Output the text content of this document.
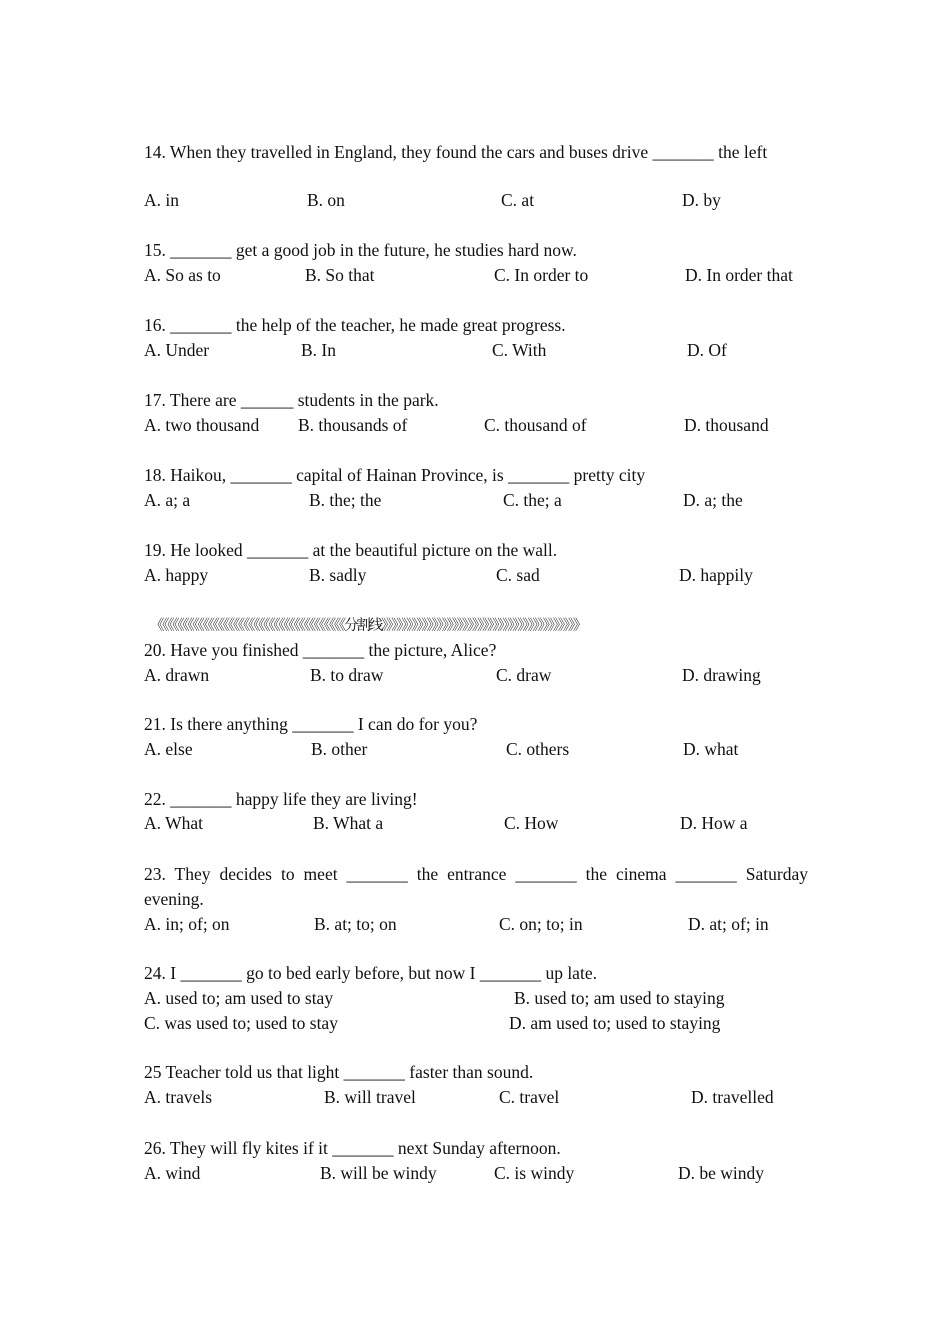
14. When they travelled in England, they found the cars and buses drive _______ the left
A. in	B. on	C. at	D. by
15. _______ get a good job in the future, he studies hard now.
A. So as to	B. So that	C. In order to	D. In order that
16. _______ the help of the teacher, he made great progress.
A. Under	B. In	C. With	D. Of
17. There are ______ students in the park.
A. two thousand B. thousands of	C. thousand of	D. thousand
18. Haikou, _______ capital of Hainan Province, is _______ pretty city
A. a; a	B. the; the	C. the; a	D. a; the
19. He looked _______ at the beautiful picture on the wall.
A. happy	B. sadly	C. sad	D. happily
《《《《《《《《《《《《《《《《《《《《《《《《《《《《《《《《《《《《《分割线》》》》》》》》》》》》》》》》》》》》》》》》》》》》》》》》》》》》》》》
20. Have you finished _______ the picture, Alice?
A. drawn	B. to draw	C. draw	D. drawing
21. Is there anything _______ I can do for you?
A. else	B. other	C. others	D. what
22. _______ happy life they are living!
A. What	B. What a	C. How	D. How a
23. They decides to meet _______ the entrance _______ the cinema _______ Saturday evening.
A. in; of; on	B. at; to; on	C. on; to; in	D. at; of; in
24. I _______ go to bed early before, but now I _______ up late.
A. used to; am used to stay	B. used to; am used to staying
C. was used to; used to stay	D. am used to; used to staying
25 Teacher told us that light _______ faster than sound.
A. travels	B. will travel	C. travel	D. travelled
26. They will fly kites if it _______ next Sunday afternoon.
A. wind	B. will be windy	C. is windy	D. be windy
